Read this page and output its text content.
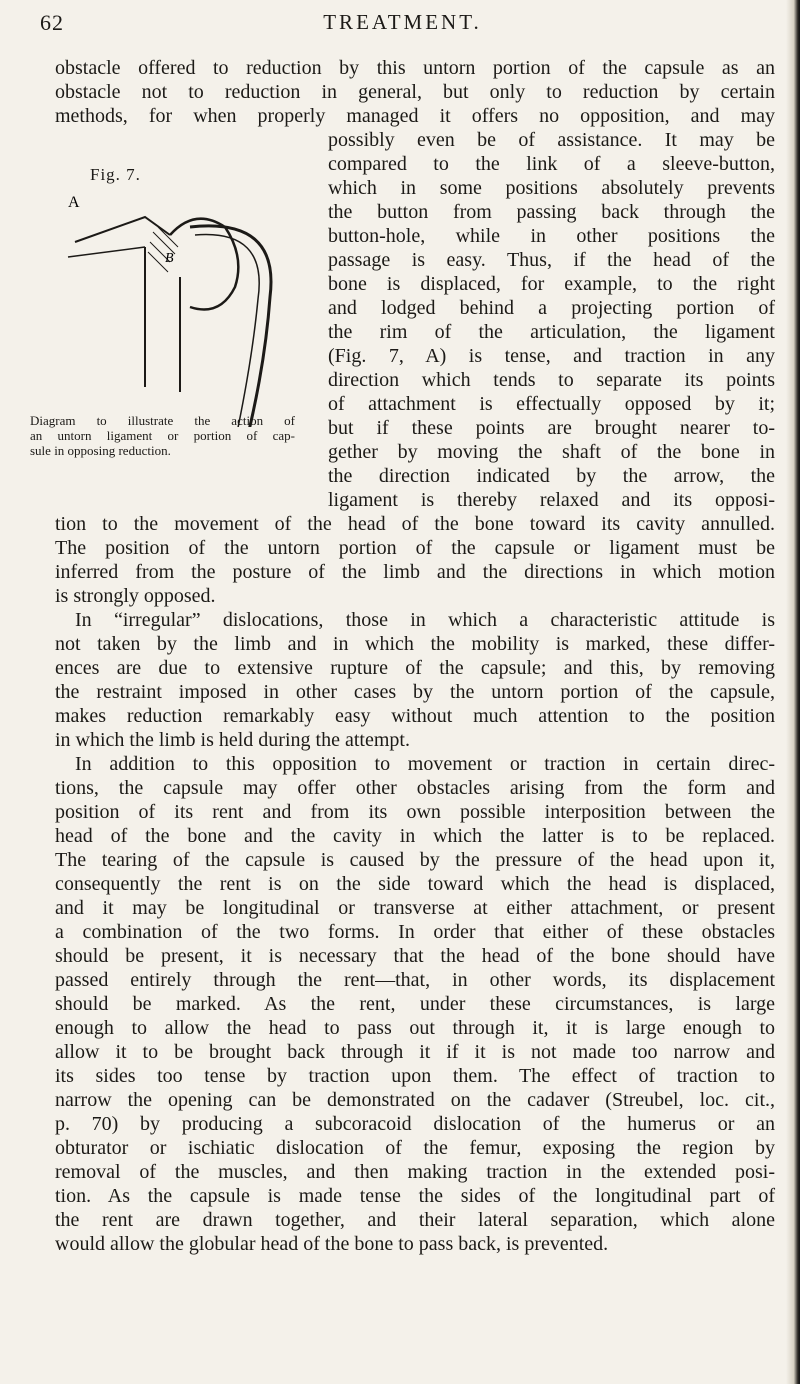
62	TREATMENT.
Fig. 7.
A
B
Diagram to illustrate the action of
an untorn ligament or portion of cap-
sule in opposing reduction.
obstacle offered to reduction by this untorn portion of the capsule as an
obstacle not to reduction in general, but only to reduction by certain
methods, for when properly managed it offers no opposition, and may
possibly even be of assistance. It may be
compared to the link of a sleeve-button,
which in some positions absolutely prevents
the button from passing back through the
button-hole, while in other positions the
passage is easy. Thus, if the head of the
bone is displaced, for example, to the right
and lodged behind a projecting portion of
the rim of the articulation, the ligament
(Fig. 7, A) is tense, and traction in any
direction which tends to separate its points
of attachment is effectually opposed by it;
but if these points are brought nearer to-
gether by moving the shaft of the bone in
the direction indicated by the arrow, the
ligament is thereby relaxed and its opposi-
tion to the movement of the head of the bone toward its cavity annulled.
The position of the untorn portion of the capsule or ligament must be
inferred from the posture of the limb and the directions in which motion
is strongly opposed.
In “irregular” dislocations, those in which a characteristic attitude is
not taken by the limb and in which the mobility is marked, these differ-
ences are due to extensive rupture of the capsule; and this, by removing
the restraint imposed in other cases by the untorn portion of the capsule,
makes reduction remarkably easy without much attention to the position
in which the limb is held during the attempt.
In addition to this opposition to movement or traction in certain direc-
tions, the capsule may offer other obstacles arising from the form and
position of its rent and from its own possible interposition between the
head of the bone and the cavity in which the latter is to be replaced.
The tearing of the capsule is caused by the pressure of the head upon it,
consequently the rent is on the side toward which the head is displaced,
and it may be longitudinal or transverse at either attachment, or present
a combination of the two forms. In order that either of these obstacles
should be present, it is necessary that the head of the bone should have
passed entirely through the rent—that, in other words, its displacement
should be marked. As the rent, under these circumstances, is large
enough to allow the head to pass out through it, it is large enough to
allow it to be brought back through it if it is not made too narrow and
its sides too tense by traction upon them. The effect of traction to
narrow the opening can be demonstrated on the cadaver (Streubel, loc. cit.,
p. 70) by producing a subcoracoid dislocation of the humerus or an
obturator or ischiatic dislocation of the femur, exposing the region by
removal of the muscles, and then making traction in the extended posi-
tion. As the capsule is made tense the sides of the longitudinal part of
the rent are drawn together, and their lateral separation, which alone
would allow the globular head of the bone to pass back, is prevented.
